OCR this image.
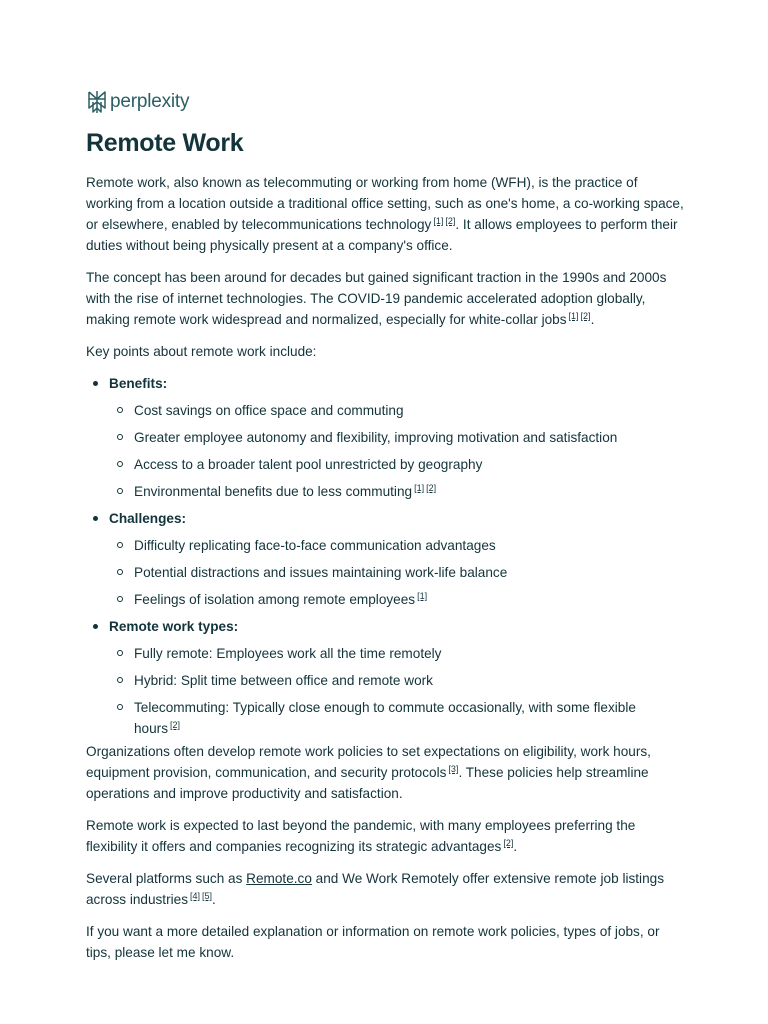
perplexity
Remote Work

Remote work, also known as telecommuting or working from home (WFH), is the practice of working from a location outside a traditional office setting, such as one's home, a co-working space, or elsewhere, enabled by telecommunications technology [1] [2]. It allows employees to perform their duties without being physically present at a company's office.

The concept has been around for decades but gained significant traction in the 1990s and 2000s with the rise of internet technologies. The COVID-19 pandemic accelerated adoption globally, making remote work widespread and normalized, especially for white-collar jobs [1] [2].

Key points about remote work include:

Benefits:
Cost savings on office space and commuting
Greater employee autonomy and flexibility, improving motivation and satisfaction
Access to a broader talent pool unrestricted by geography
Environmental benefits due to less commuting [1] [2]
Challenges:
Difficulty replicating face-to-face communication advantages
Potential distractions and issues maintaining work-life balance
Feelings of isolation among remote employees [1]
Remote work types:
Fully remote: Employees work all the time remotely
Hybrid: Split time between office and remote work
Telecommuting: Typically close enough to commute occasionally, with some flexible hours [2]

Organizations often develop remote work policies to set expectations on eligibility, work hours, equipment provision, communication, and security protocols [3]. These policies help streamline operations and improve productivity and satisfaction.

Remote work is expected to last beyond the pandemic, with many employees preferring the flexibility it offers and companies recognizing its strategic advantages [2].

Several platforms such as Remote.co and We Work Remotely offer extensive remote job listings across industries [4] [5].

If you want a more detailed explanation or information on remote work policies, types of jobs, or tips, please let me know.
